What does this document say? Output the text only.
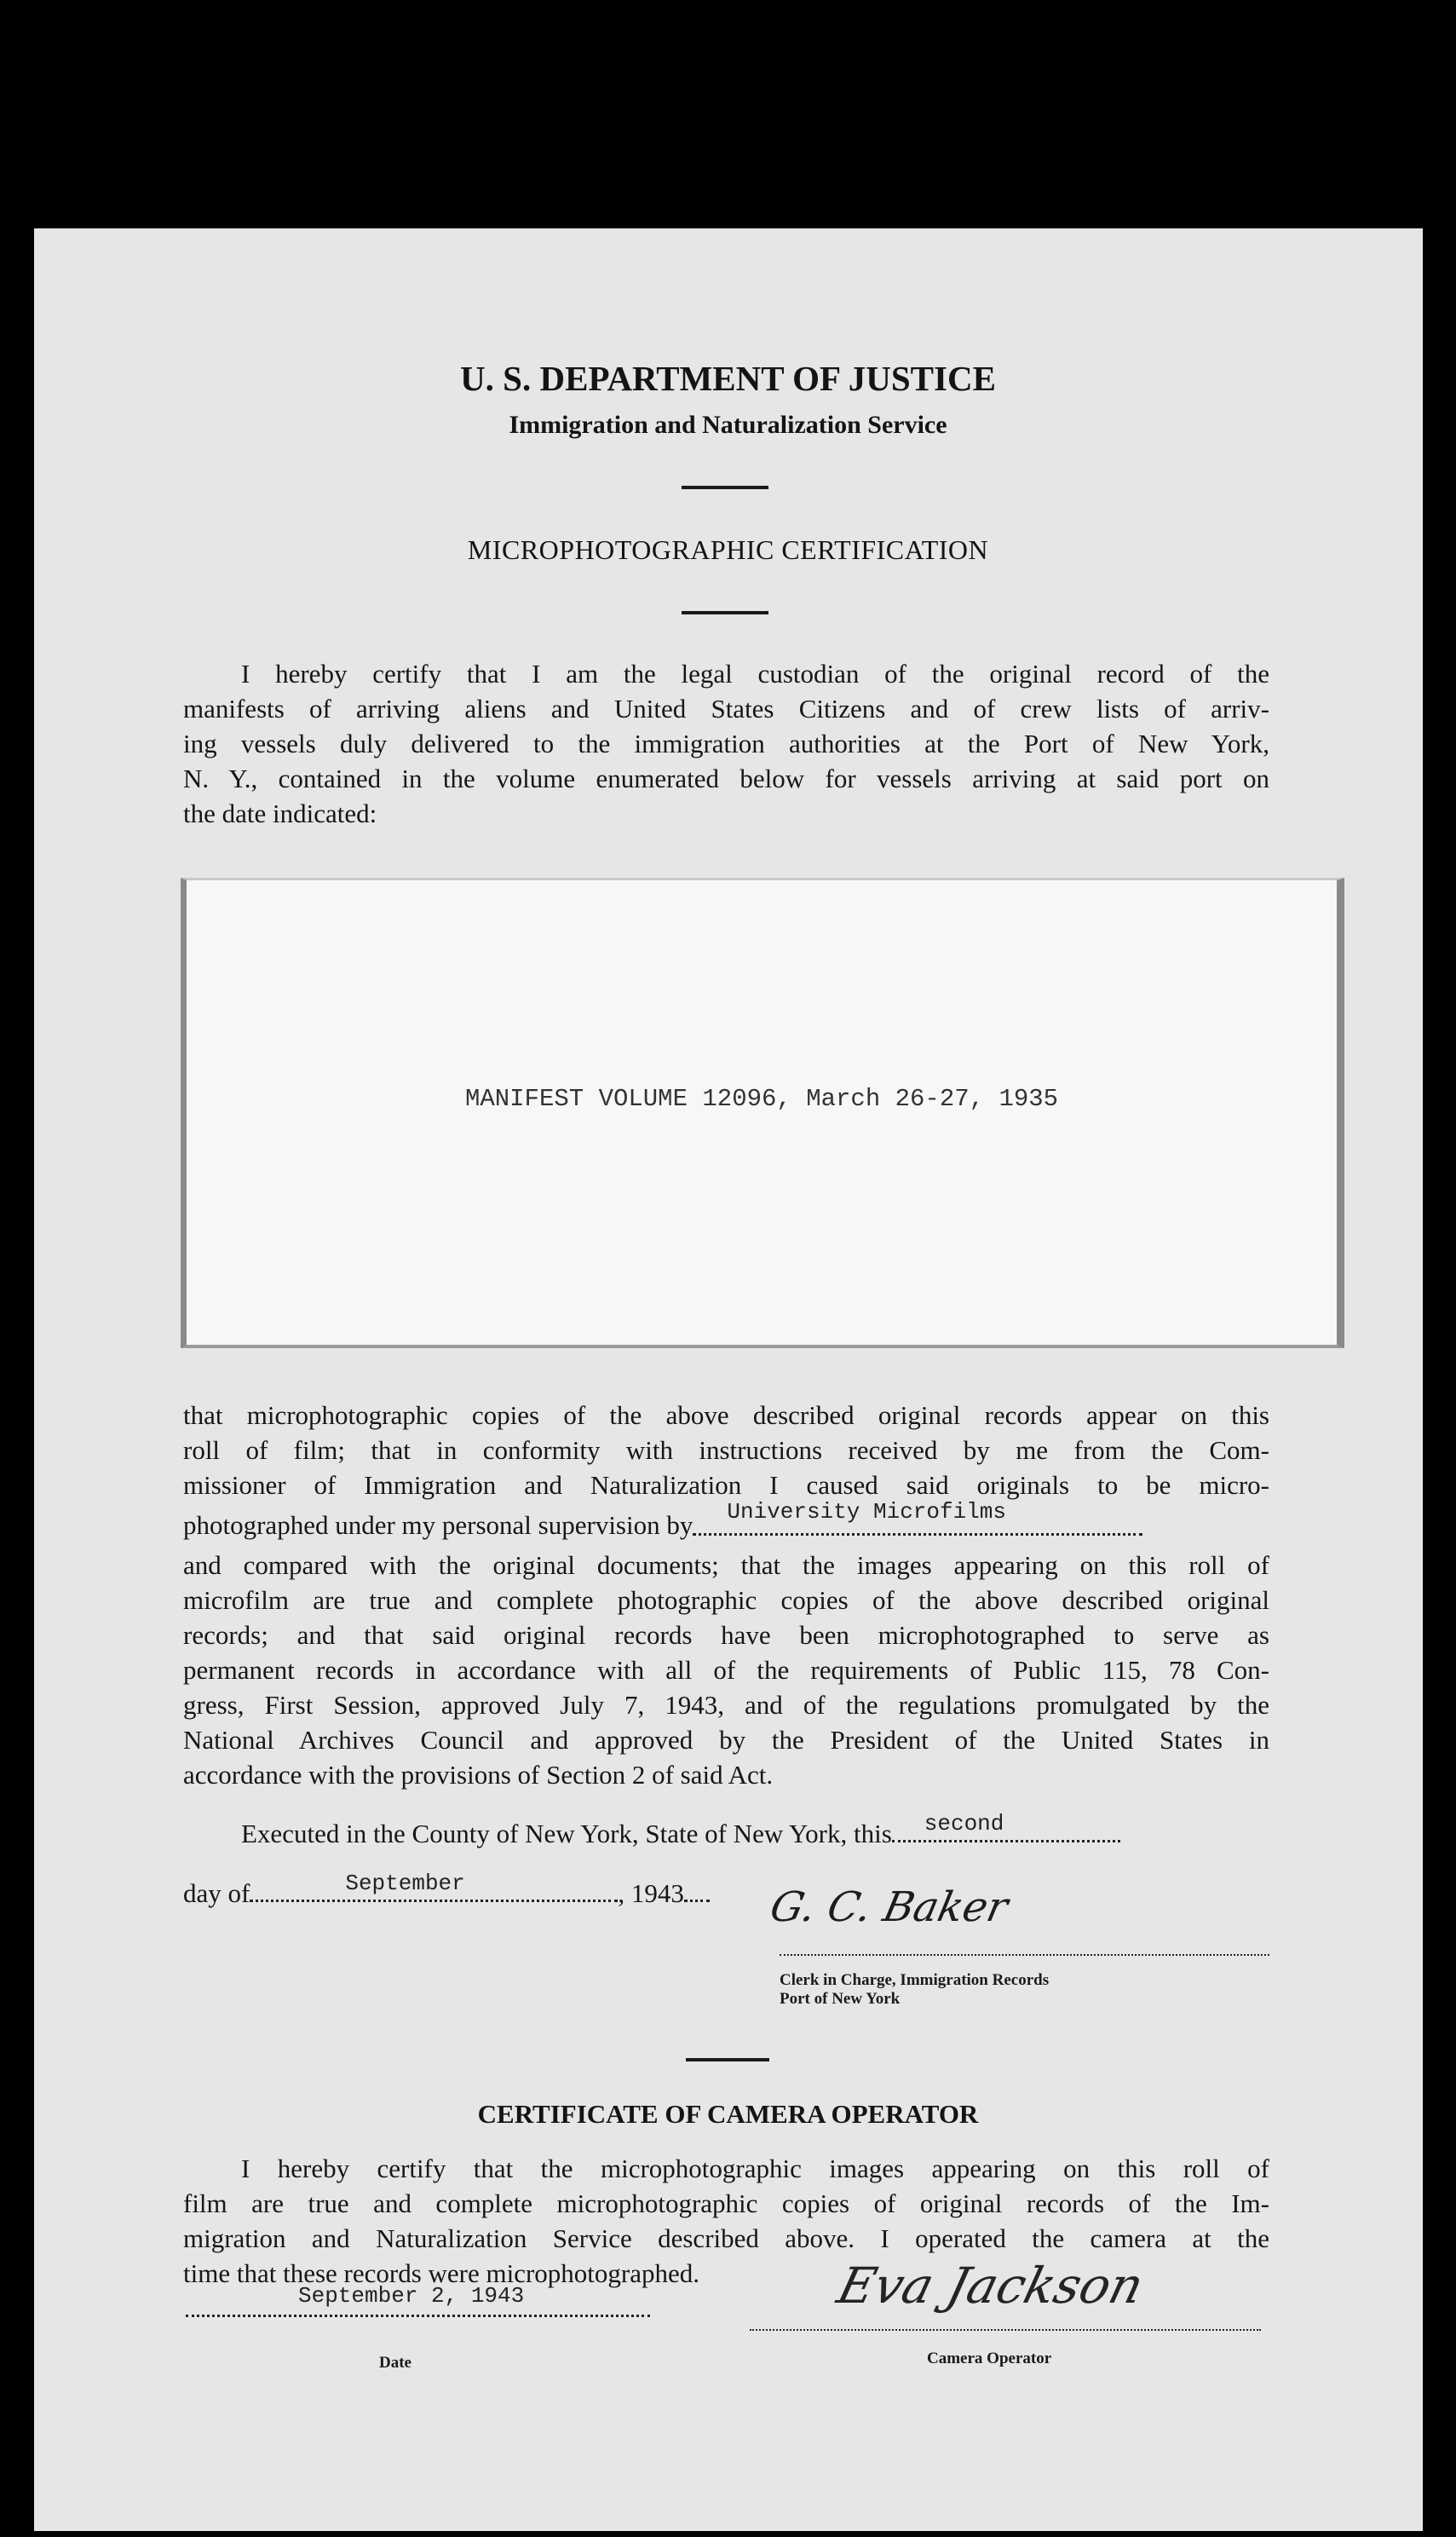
U. S. DEPARTMENT OF JUSTICE
Immigration and Naturalization Service
MICROPHOTOGRAPHIC CERTIFICATION
I hereby certify that I am the legal custodian of the original record of the
manifests of arriving aliens and United States Citizens and of crew lists of arriv-
ing vessels duly delivered to the immigration authorities at the Port of New York,
N. Y., contained in the volume enumerated below for vessels arriving at said port on
the date indicated:
MANIFEST VOLUME 12096, March 26-27, 1935
that microphotographic copies of the above described original records appear on this
roll of film; that in conformity with instructions received by me from the Com-
missioner of Immigration and Naturalization I caused said originals to be micro-
photographed under my personal supervision by University Microfilms
and compared with the original documents; that the images appearing on this roll of
microfilm are true and complete photographic copies of the above described original
records; and that said original records have been microphotographed to serve as
permanent records in accordance with all of the requirements of Public 115, 78 Con-
gress, First Session, approved July 7, 1943, and of the regulations promulgated by the
National Archives Council and approved by the President of the United States in
accordance with the provisions of Section 2 of said Act.
Executed in the County of New York, State of New York, this second
day of	September	, 1943	G. C. Baker
Clerk in Charge, Immigration Records
Port of New York
CERTIFICATE OF CAMERA OPERATOR
I hereby certify that the microphotographic images appearing on this roll of
film are true and complete microphotographic copies of original records of the Im-
migration and Naturalization Service described above. I operated the camera at the
time that these records were microphotographed.
September 2, 1943
Date
Eva Jackson
Camera Operator
